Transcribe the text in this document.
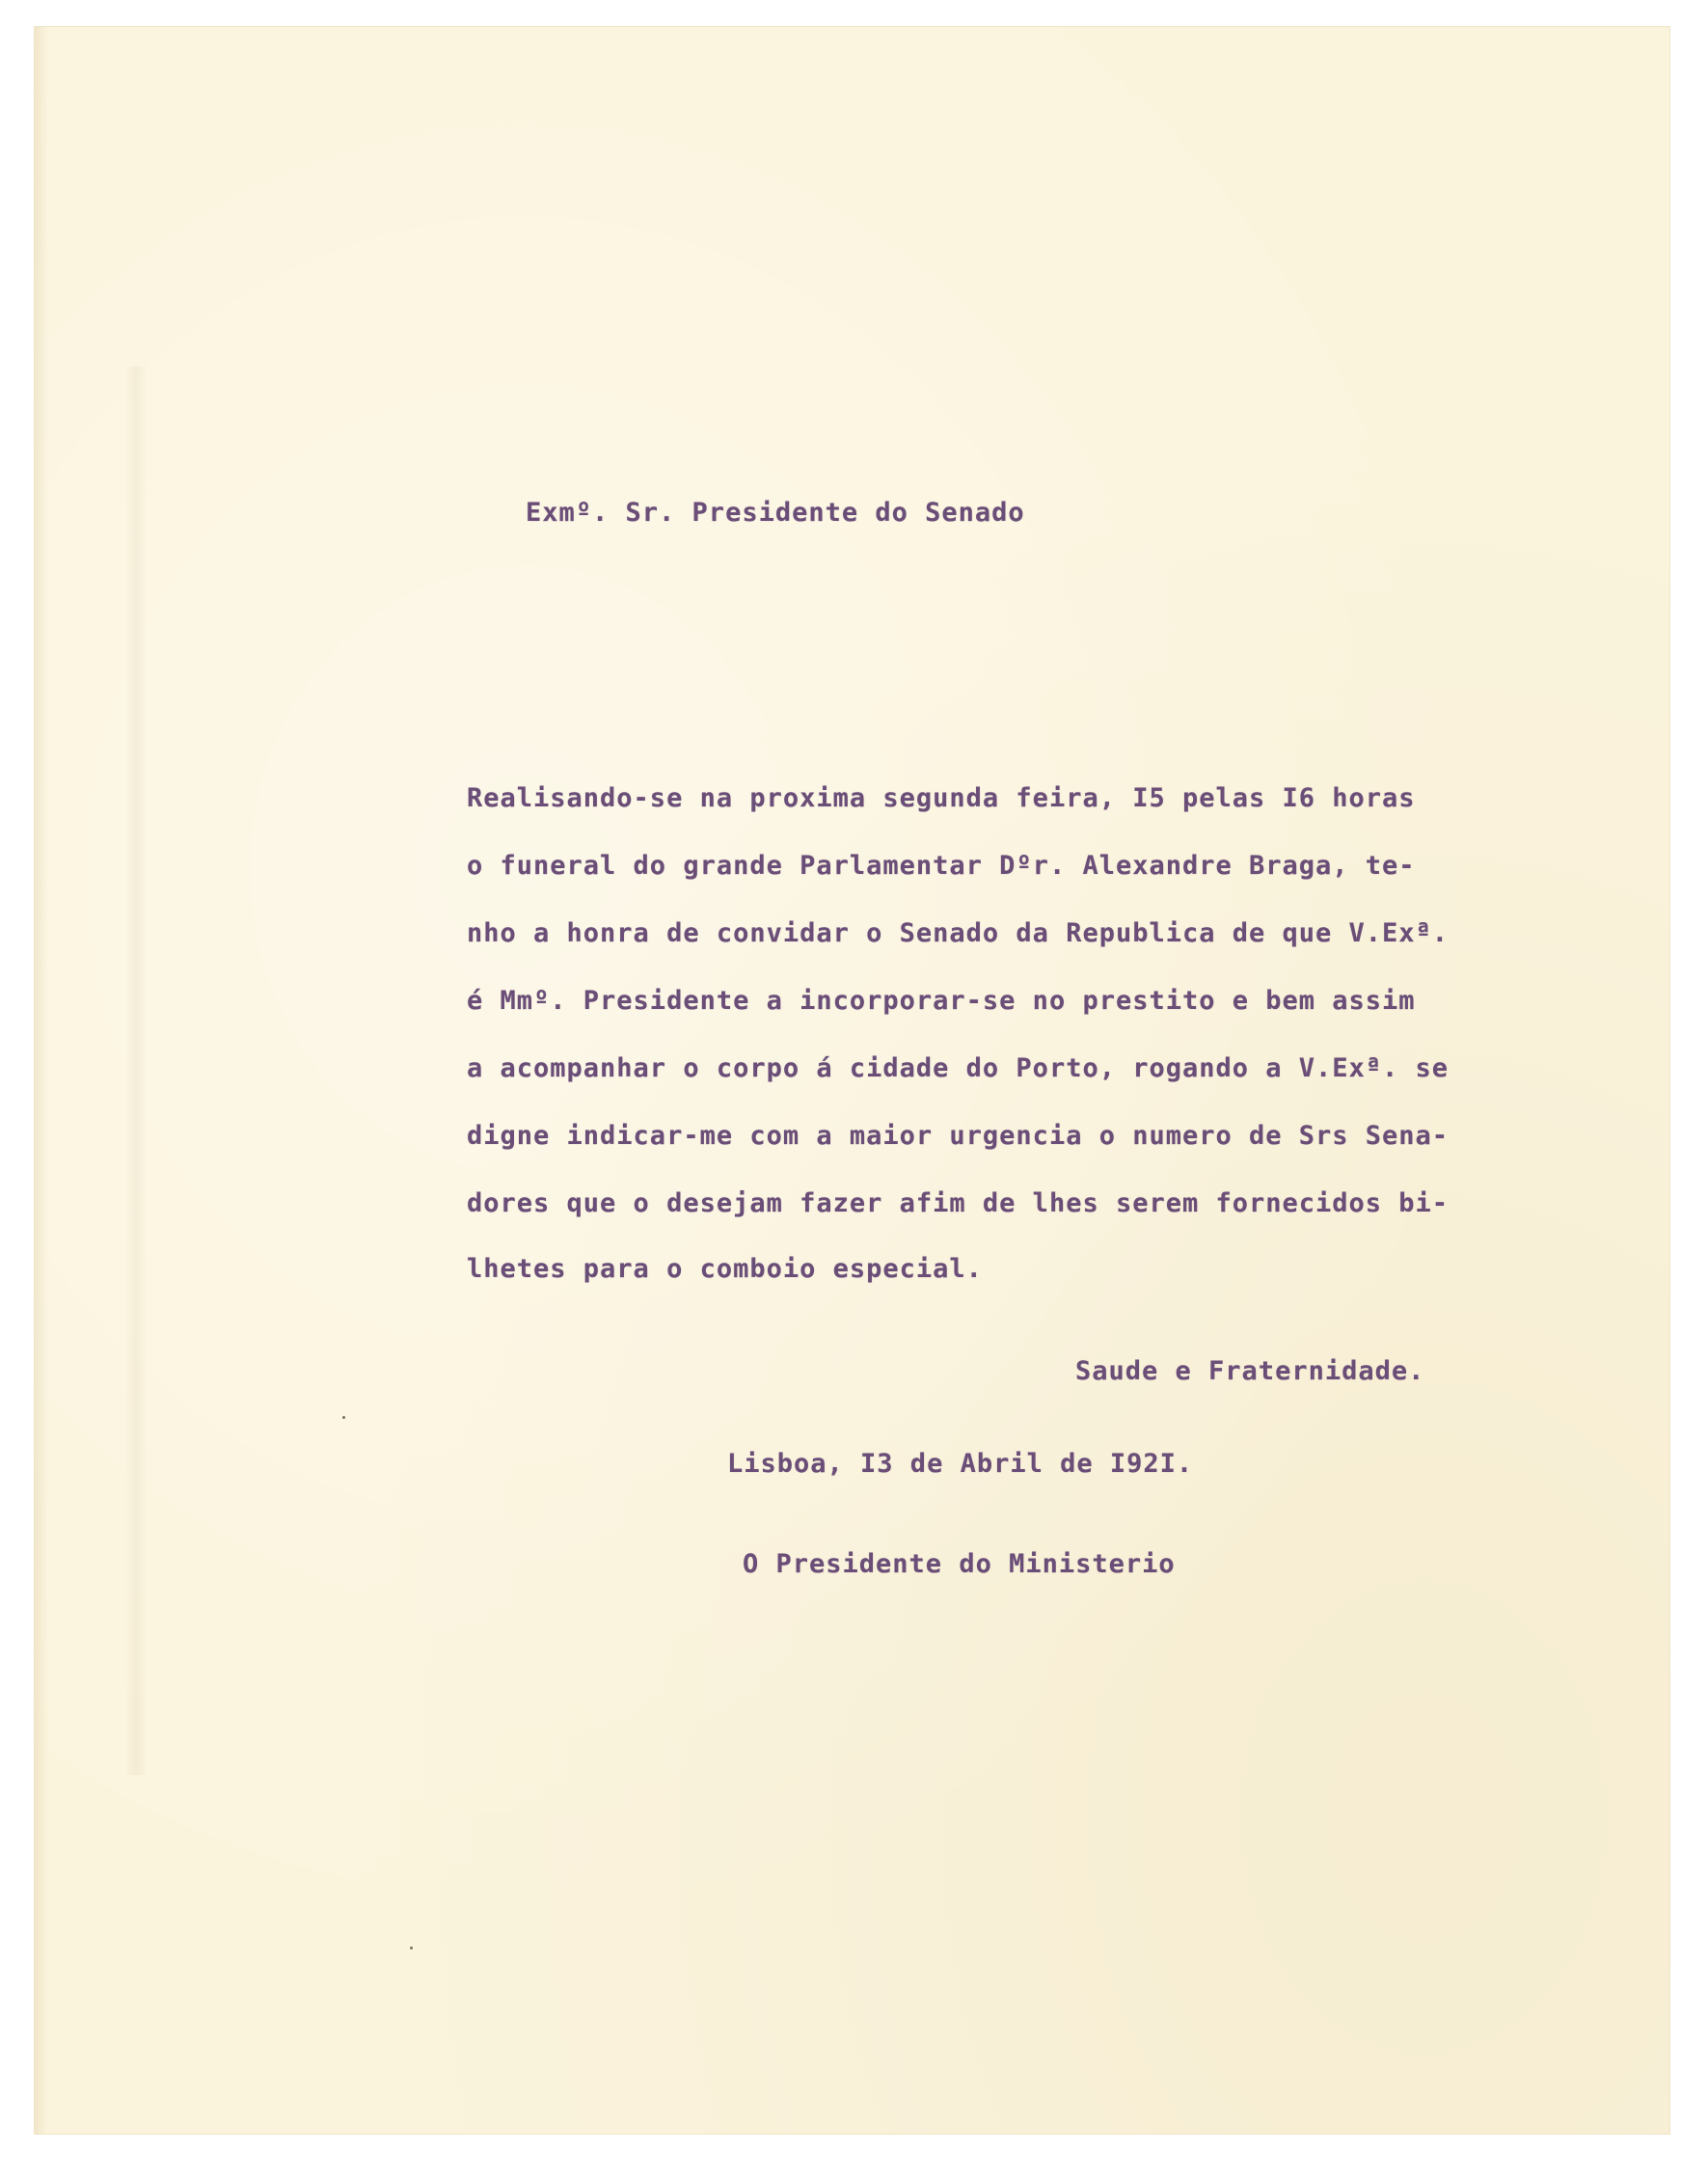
Exmº. Sr. Presidente do Senado
Realisando-se na proxima segunda feira, I5 pelas I6 horas
o funeral do grande Parlamentar Dºr. Alexandre Braga, te-
nho a honra de convidar o Senado da Republica de que V.Exª.
é Mmº. Presidente a incorporar-se no prestito e bem assim
a acompanhar o corpo á cidade do Porto, rogando a V.Exª. se
digne indicar-me com a maior urgencia o numero de Srs Sena-
dores que o desejam fazer afim de lhes serem fornecidos bi-
lhetes para o comboio especial.
Saude e Fraternidade.
Lisboa, I3 de Abril de I92I.
O Presidente do Ministerio
